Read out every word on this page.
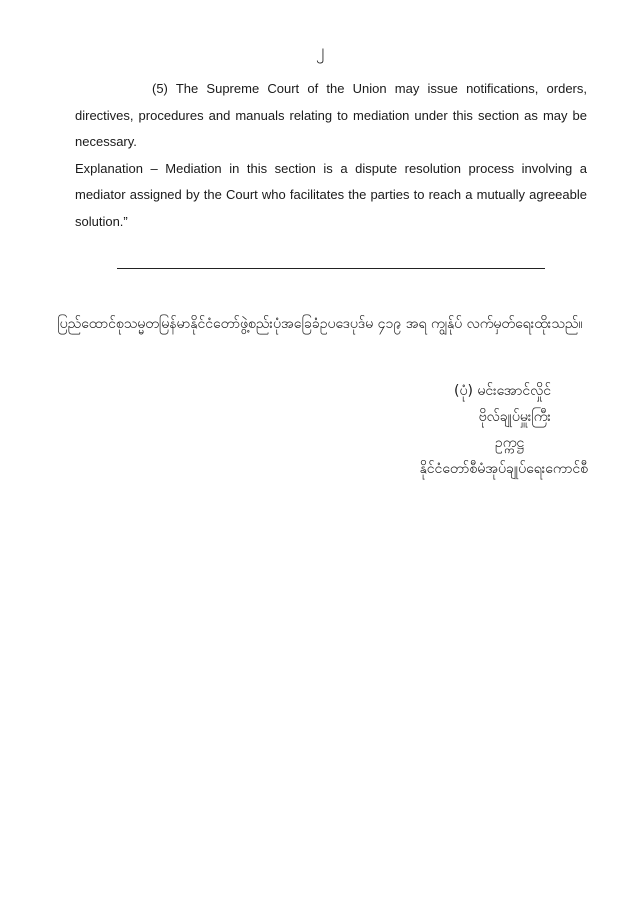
၂

(5) The Supreme Court of the Union may issue notifications, orders, directives, procedures and manuals relating to mediation under this section as may be necessary.

Explanation – Mediation in this section is a dispute resolution process involving a mediator assigned by the Court who facilitates the parties to reach a mutually agreeable solution.”

ပြည်ထောင်စုသမ္မတမြန်မာနိုင်ငံတော်ဖွဲ့စည်းပုံအခြေခံဥပဒေပုဒ်မ ၄၁၉ အရ ကျွန်ုပ် လက်မှတ်ရေးထိုးသည်။
(ပုံ) မင်းအောင်လှိုင်
ဗိုလ်ချုပ်မှူးကြီး
ဥက္ကဋ္ဌ
နိုင်ငံတော်စီမံအုပ်ချုပ်ရေးကောင်စီ
